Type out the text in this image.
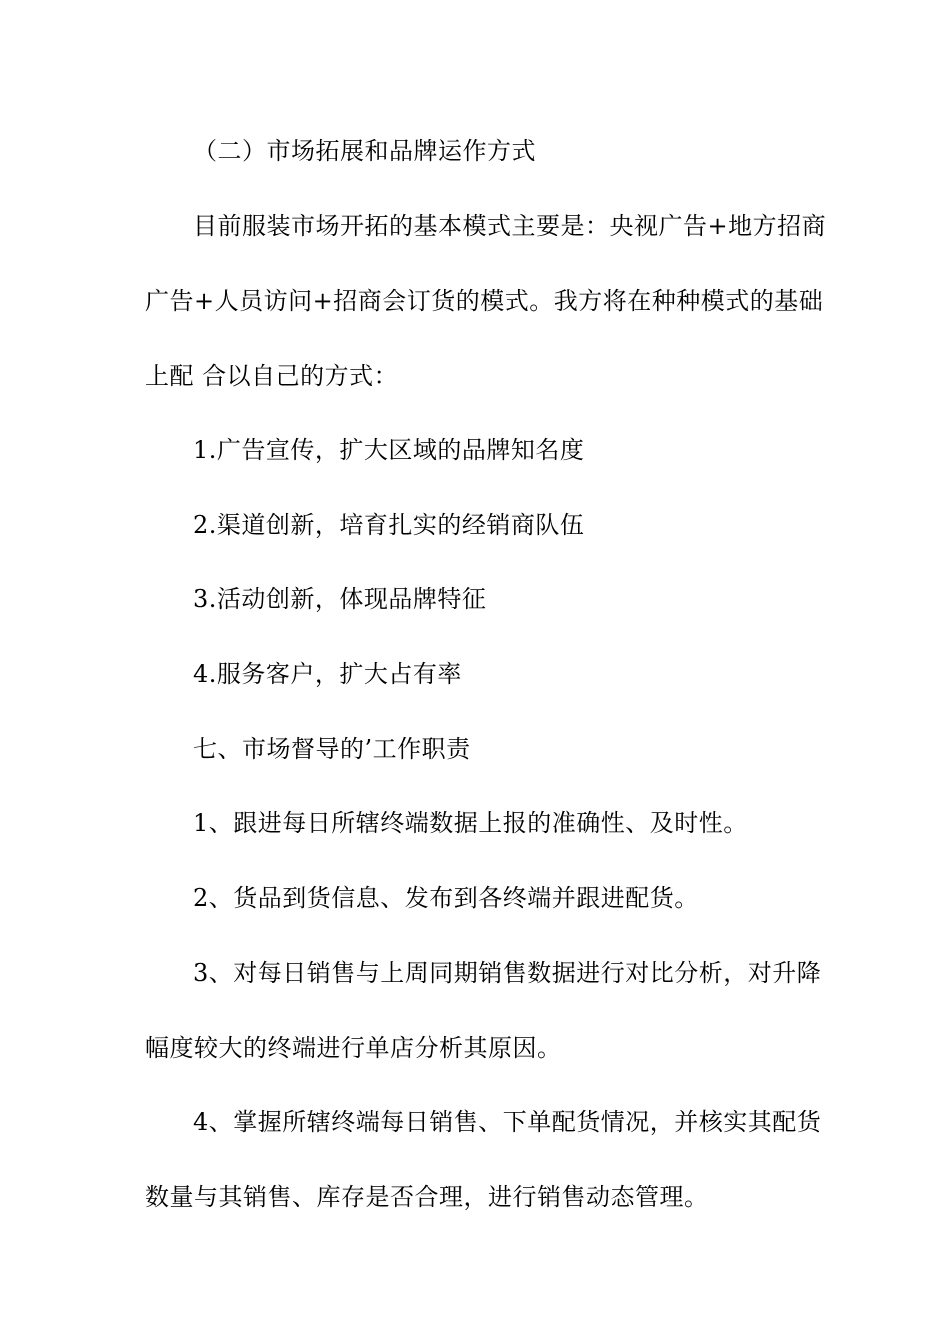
（二）市场拓展和品牌运作方式
目前服装市场开拓的基本模式主要是：央视广告+地方招商
广告+人员访问+招商会订货的模式。我方将在种种模式的基础
上配 合以自己的方式：
1.广告宣传，扩大区域的品牌知名度
2.渠道创新，培育扎实的经销商队伍
3.活动创新，体现品牌特征
4.服务客户，扩大占有率
七、市场督导的’工作职责
1、跟进每日所辖终端数据上报的准确性、及时性。
2、货品到货信息、发布到各终端并跟进配货。
3、对每日销售与上周同期销售数据进行对比分析，对升降
幅度较大的终端进行单店分析其原因。
4、掌握所辖终端每日销售、下单配货情况，并核实其配货
数量与其销售、库存是否合理，进行销售动态管理。
